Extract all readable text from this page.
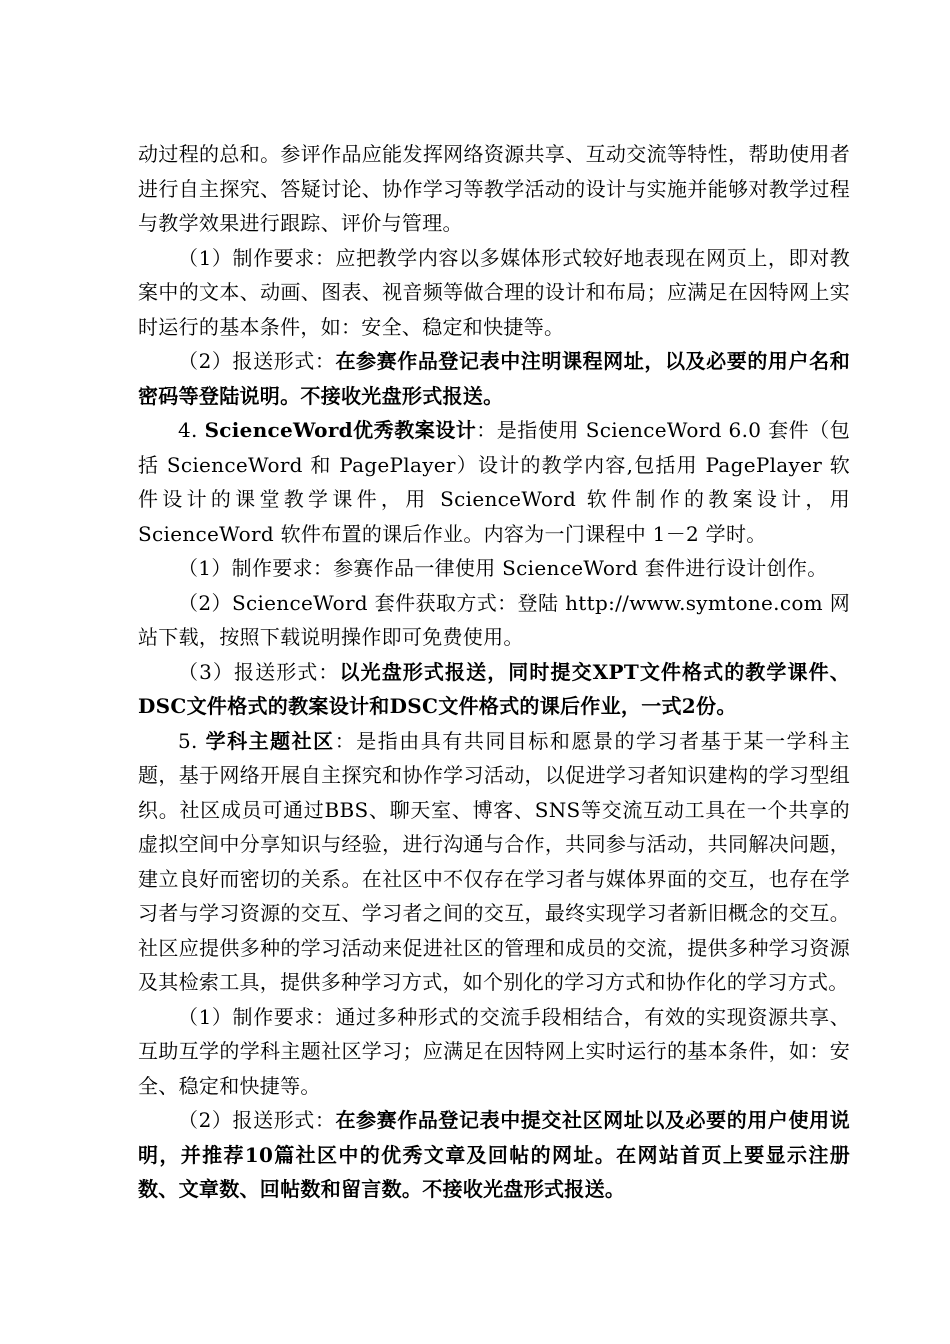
动过程的总和。参评作品应能发挥网络资源共享、互动交流等特性，帮助使用者进行自主探究、答疑讨论、协作学习等教学活动的设计与实施并能够对教学过程与教学效果进行跟踪、评价与管理。

（1）制作要求：应把教学内容以多媒体形式较好地表现在网页上，即对教案中的文本、动画、图表、视音频等做合理的设计和布局；应满足在因特网上实时运行的基本条件，如：安全、稳定和快捷等。

（2）报送形式：在参赛作品登记表中注明课程网址，以及必要的用户名和密码等登陆说明。不接收光盘形式报送。

4. ScienceWord优秀教案设计：是指使用 ScienceWord 6.0 套件（包括 ScienceWord 和 PagePlayer）设计的教学内容,包括用 PagePlayer 软件设计的课堂教学课件，用 ScienceWord 软件制作的教案设计，用 ScienceWord 软件布置的课后作业。内容为一门课程中 1－2 学时。

（1）制作要求：参赛作品一律使用 ScienceWord 套件进行设计创作。

（2）ScienceWord 套件获取方式：登陆 http://www.symtone.com 网站下载，按照下载说明操作即可免费使用。

（3）报送形式：以光盘形式报送，同时提交XPT文件格式的教学课件、DSC文件格式的教案设计和DSC文件格式的课后作业，一式2份。

5. 学科主题社区：是指由具有共同目标和愿景的学习者基于某一学科主题，基于网络开展自主探究和协作学习活动，以促进学习者知识建构的学习型组织。社区成员可通过BBS、聊天室、博客、SNS等交流互动工具在一个共享的虚拟空间中分享知识与经验，进行沟通与合作，共同参与活动，共同解决问题，建立良好而密切的关系。在社区中不仅存在学习者与媒体界面的交互，也存在学习者与学习资源的交互、学习者之间的交互，最终实现学习者新旧概念的交互。社区应提供多种的学习活动来促进社区的管理和成员的交流，提供多种学习资源及其检索工具，提供多种学习方式，如个别化的学习方式和协作化的学习方式。

（1）制作要求：通过多种形式的交流手段相结合，有效的实现资源共享、互助互学的学科主题社区学习；应满足在因特网上实时运行的基本条件，如：安全、稳定和快捷等。

（2）报送形式：在参赛作品登记表中提交社区网址以及必要的用户使用说明，并推荐10篇社区中的优秀文章及回帖的网址。在网站首页上要显示注册数、文章数、回帖数和留言数。不接收光盘形式报送。
